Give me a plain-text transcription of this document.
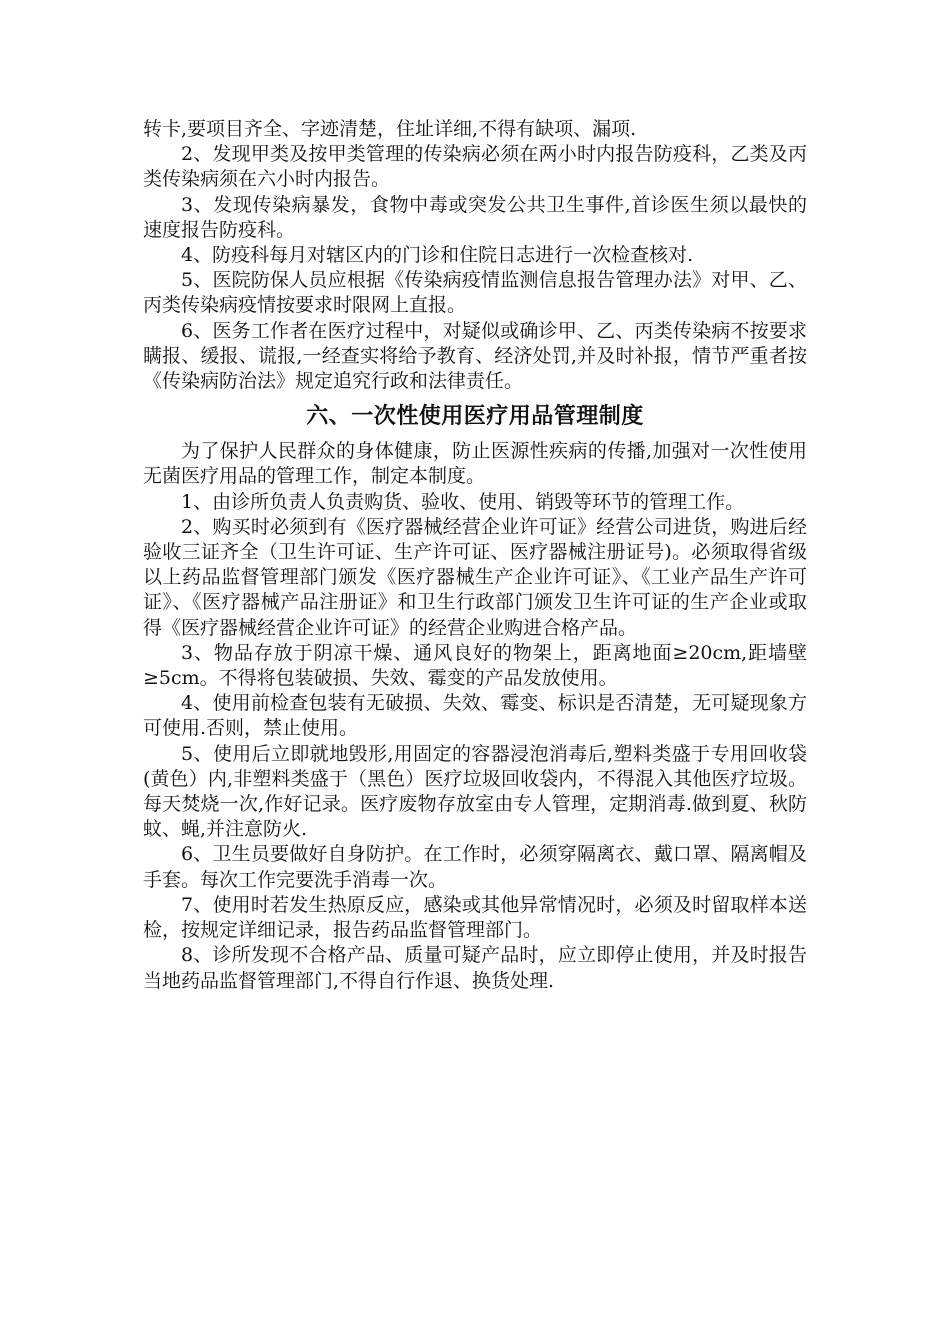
转卡,要项目齐全、字迹清楚，住址详细,不得有缺项、漏项.

2、发现甲类及按甲类管理的传染病必须在两小时内报告防疫科，乙类及丙类传染病须在六小时内报告。

3、发现传染病暴发，食物中毒或突发公共卫生事件,首诊医生须以最快的速度报告防疫科。

4、防疫科每月对辖区内的门诊和住院日志进行一次检查核对.

5、医院防保人员应根据《传染病疫情监测信息报告管理办法》对甲、乙、丙类传染病疫情按要求时限网上直报。

6、医务工作者在医疗过程中，对疑似或确诊甲、乙、丙类传染病不按要求瞒报、缓报、谎报,一经查实将给予教育、经济处罚,并及时补报，情节严重者按《传染病防治法》规定追究行政和法律责任。

六、一次性使用医疗用品管理制度

为了保护人民群众的身体健康，防止医源性疾病的传播,加强对一次性使用无菌医疗用品的管理工作，制定本制度。

1、由诊所负责人负责购货、验收、使用、销毁等环节的管理工作。

2、购买时必须到有《医疗器械经营企业许可证》经营公司进货，购进后经验收三证齐全（卫生许可证、生产许可证、医疗器械注册证号)。必须取得省级以上药品监督管理部门颁发《医疗器械生产企业许可证》、《工业产品生产许可证》、《医疗器械产品注册证》和卫生行政部门颁发卫生许可证的生产企业或取得《医疗器械经营企业许可证》的经营企业购进合格产品。

3、物品存放于阴凉干燥、通风良好的物架上，距离地面≥20cm,距墙壁≥5cm。不得将包装破损、失效、霉变的产品发放使用。

4、使用前检查包装有无破损、失效、霉变、标识是否清楚，无可疑现象方可使用.否则，禁止使用。

5、使用后立即就地毁形,用固定的容器浸泡消毒后,塑料类盛于专用回收袋(黄色）内,非塑料类盛于（黑色）医疗垃圾回收袋内，不得混入其他医疗垃圾。每天焚烧一次,作好记录。医疗废物存放室由专人管理，定期消毒.做到夏、秋防蚊、蝇,并注意防火.

6、卫生员要做好自身防护。在工作时，必须穿隔离衣、戴口罩、隔离帽及手套。每次工作完要洗手消毒一次。

7、使用时若发生热原反应，感染或其他异常情况时，必须及时留取样本送检，按规定详细记录，报告药品监督管理部门。

8、诊所发现不合格产品、质量可疑产品时，应立即停止使用，并及时报告当地药品监督管理部门,不得自行作退、换货处理.
